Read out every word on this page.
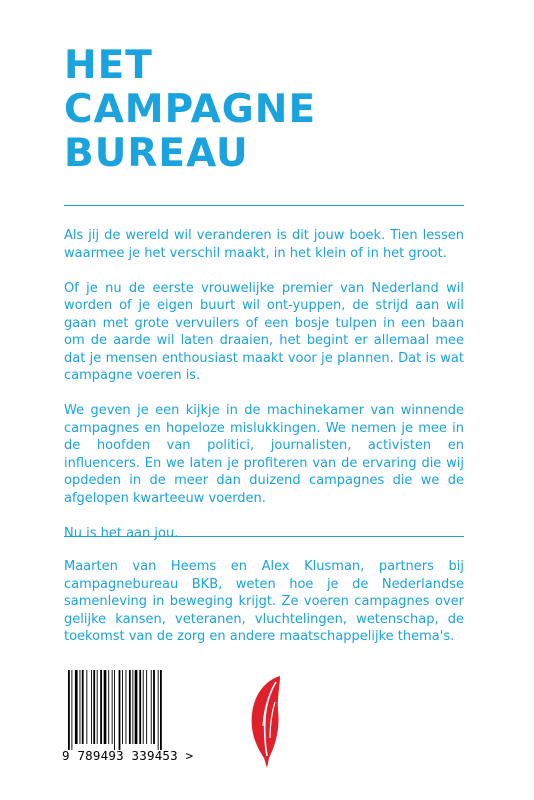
HET
CAMPAGNE
BUREAU

Als jij de wereld wil veranderen is dit jouw boek. Tien lessen waarmee je het verschil maakt, in het klein of in het groot.

Of je nu de eerste vrouwelijke premier van Nederland wil worden of je eigen buurt wil ont-yuppen, de strijd aan wil gaan met grote vervuilers of een bosje tulpen in een baan om de aarde wil laten draaien, het begint er allemaal mee dat je mensen enthousiast maakt voor je plannen. Dat is wat campagne voeren is.

We geven je een kijkje in de machinekamer van winnende campagnes en hopeloze mislukkingen. We nemen je mee in de hoofden van politici, journalisten, activisten en influencers. En we laten je profiteren van de ervaring die wij opdeden in de meer dan duizend campagnes die we de afgelopen kwarteeuw voerden.

Nu is het aan jou.

Maarten van Heems en Alex Klusman, partners bij campagnebureau BKB, weten hoe je de Nederlandse samenleving in beweging krijgt. Ze voeren campagnes over gelijke kansen, veteranen, vluchtelingen, wetenschap, de toekomst van de zorg en andere maatschappelijke thema's.

9 789493 339453 >
